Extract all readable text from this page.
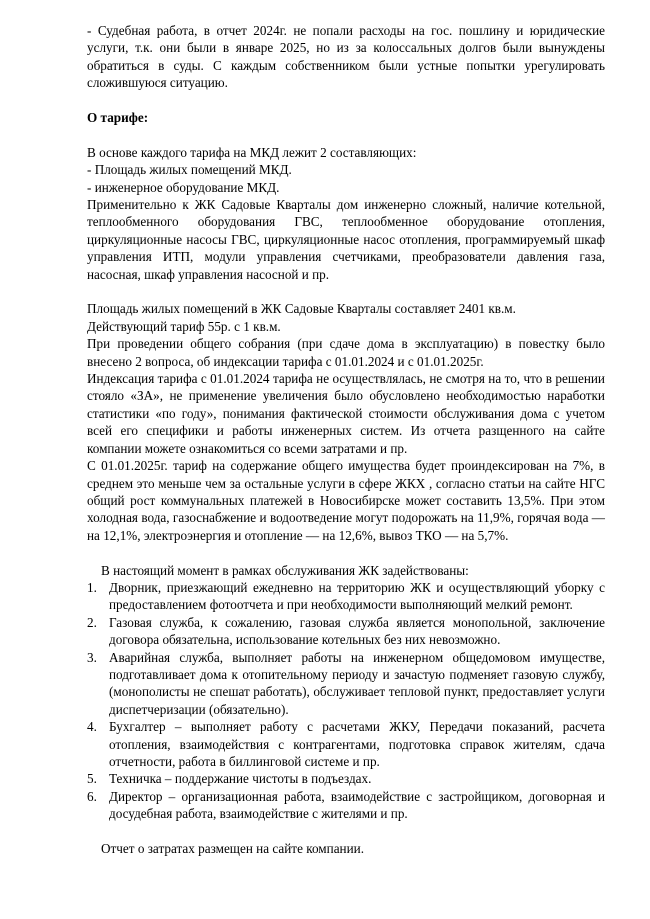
- Судебная работа, в отчет 2024г. не попали расходы на гос. пошлину и юридические услуги, т.к. они были в январе 2025, но из за колоссальных долгов были вынуждены обратиться в суды. С каждым собственником были устные попытки урегулировать сложившуюся ситуацию.

О тарифе:

В основе каждого тарифа на МКД лежит 2 составляющих:

- Площадь жилых помещений МКД.

- инженерное оборудование МКД.

Применительно к ЖК Садовые Кварталы дом инженерно сложный, наличие котельной, теплообменного оборудования ГВС, теплообменное оборудование отопления, циркуляционные насосы ГВС, циркуляционные насос отопления, программируемый шкаф управления ИТП, модули управления счетчиками, преобразователи давления газа, насосная, шкаф управления насосной и пр.

Площадь жилых помещений в ЖК Садовые Кварталы составляет 2401 кв.м.

Действующий тариф 55р. с 1 кв.м.

При проведении общего собрания (при сдаче дома в эксплуатацию) в повестку было внесено 2 вопроса, об индексации тарифа с 01.01.2024 и с 01.01.2025г.

Индексация тарифа с 01.01.2024 тарифа не осуществлялась, не смотря на то, что в решении стояло «ЗА», не применение увеличения было обусловлено необходимостью наработки статистики «по году», понимания фактической стоимости обслуживания дома с учетом всей его специфики и работы инженерных систем. Из отчета разщенного на сайте компании можете ознакомиться со всеми затратами и пр.

С 01.01.2025г. тариф на содержание общего имущества будет проиндексирован на 7%, в среднем это меньше чем за остальные услуги в сфере ЖКХ , согласно статьи на сайте НГС общий рост коммунальных платежей в Новосибирске может составить 13,5%. При этом холодная вода, газоснабжение и водоотведение могут подорожать на 11,9%, горячая вода — на 12,1%, электроэнергия и отопление — на 12,6%, вывоз ТКО — на 5,7%.

В настоящий момент в рамках обслуживания ЖК задействованы:

1. Дворник, приезжающий ежедневно на территорию ЖК и осуществляющий уборку с предоставлением фотоотчета и при необходимости выполняющий мелкий ремонт.
2. Газовая служба, к сожалению, газовая служба является монопольной, заключение договора обязательна, использование котельных без них невозможно.
3. Аварийная служба, выполняет работы на инженерном общедомовом имуществе, подготавливает дома к отопительному периоду и зачастую подменяет газовую службу, (монополисты не спешат работать), обслуживает тепловой пункт, предоставляет услуги диспетчеризации (обязательно).
4. Бухгалтер – выполняет работу с расчетами ЖКУ, Передачи показаний, расчета отопления, взаимодействия с контрагентами, подготовка справок жителям, сдача отчетности, работа в биллинговой системе и пр.
5. Техничка – поддержание чистоты в подъездах.
6. Директор – организационная работа, взаимодействие с застройщиком, договорная и досудебная работа, взаимодействие с жителями и пр.

Отчет о затратах размещен на сайте компании.
